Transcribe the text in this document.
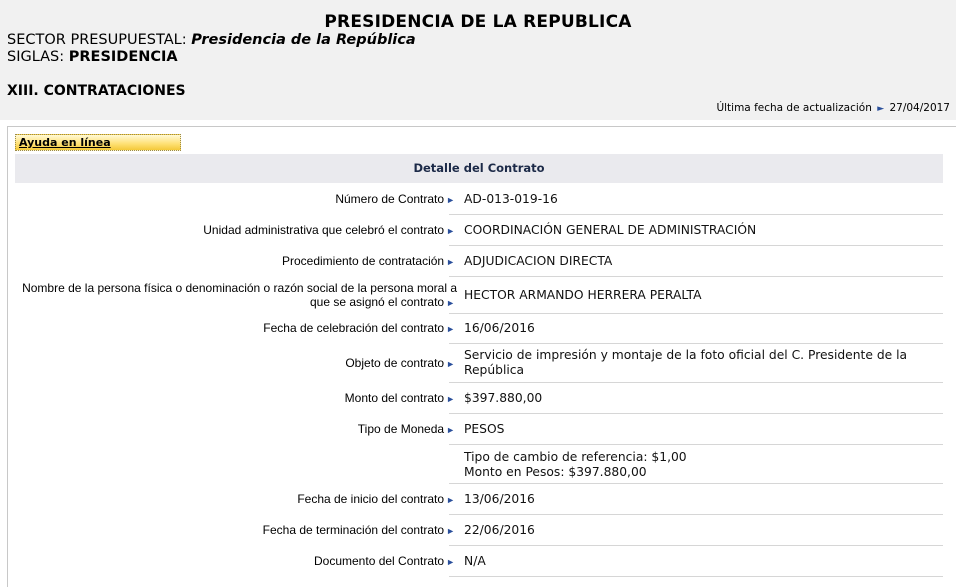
PRESIDENCIA DE LA REPUBLICA
SECTOR PRESUPUESTAL: Presidencia de la República
SIGLAS: PRESIDENCIA
XIII. CONTRATACIONES
Última fecha de actualización ► 27/04/2017
Ayuda en línea
Detalle del Contrato
Número de Contrato ► AD-013-019-16
Unidad administrativa que celebró el contrato ► COORDINACIÓN GENERAL DE ADMINISTRACIÓN
Procedimiento de contratación ► ADJUDICACION DIRECTA
Nombre de la persona física o denominación o razón social de la persona moral a
que se asignó el contrato ►
HECTOR ARMANDO HERRERA PERALTA
Fecha de celebración del contrato ► 16/06/2016
Objeto de contrato ►
Servicio de impresión y montaje de la foto oficial del C. Presidente de la
República
Monto del contrato ► $397.880,00
Tipo de Moneda ► PESOS
Tipo de cambio de referencia: $1,00
Monto en Pesos: $397.880,00
Fecha de inicio del contrato ► 13/06/2016
Fecha de terminación del contrato ► 22/06/2016
Documento del Contrato ► N/A
